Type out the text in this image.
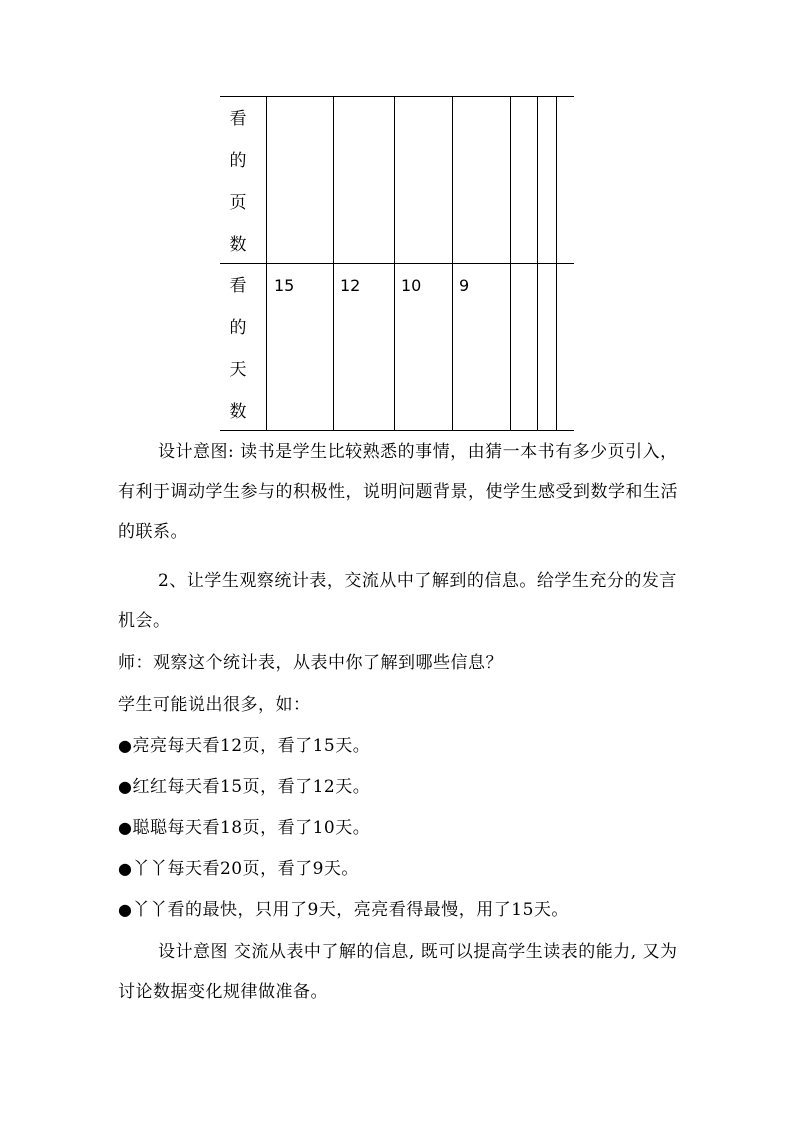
看
的
页
数
看
的
天
数
15	12	10 9

设计意图: 读书是学生比较熟悉的事情，由猜一本书有多少页引入，有利于调动学生参与的积极性，说明问题背景，使学生感受到数学和生活的联系。

2、让学生观察统计表，交流从中了解到的信息。给学生充分的发言机会。

师：观察这个统计表，从表中你了解到哪些信息？

学生可能说出很多，如：

●亮亮每天看12页，看了15天。

●红红每天看15页，看了12天。

●聪聪每天看18页，看了10天。

●丫丫每天看20页，看了9天。

●丫丫看的最快，只用了9天，亮亮看得最慢，用了15天。

设计意图 交流从表中了解的信息, 既可以提高学生读表的能力, 又为讨论数据变化规律做准备。
